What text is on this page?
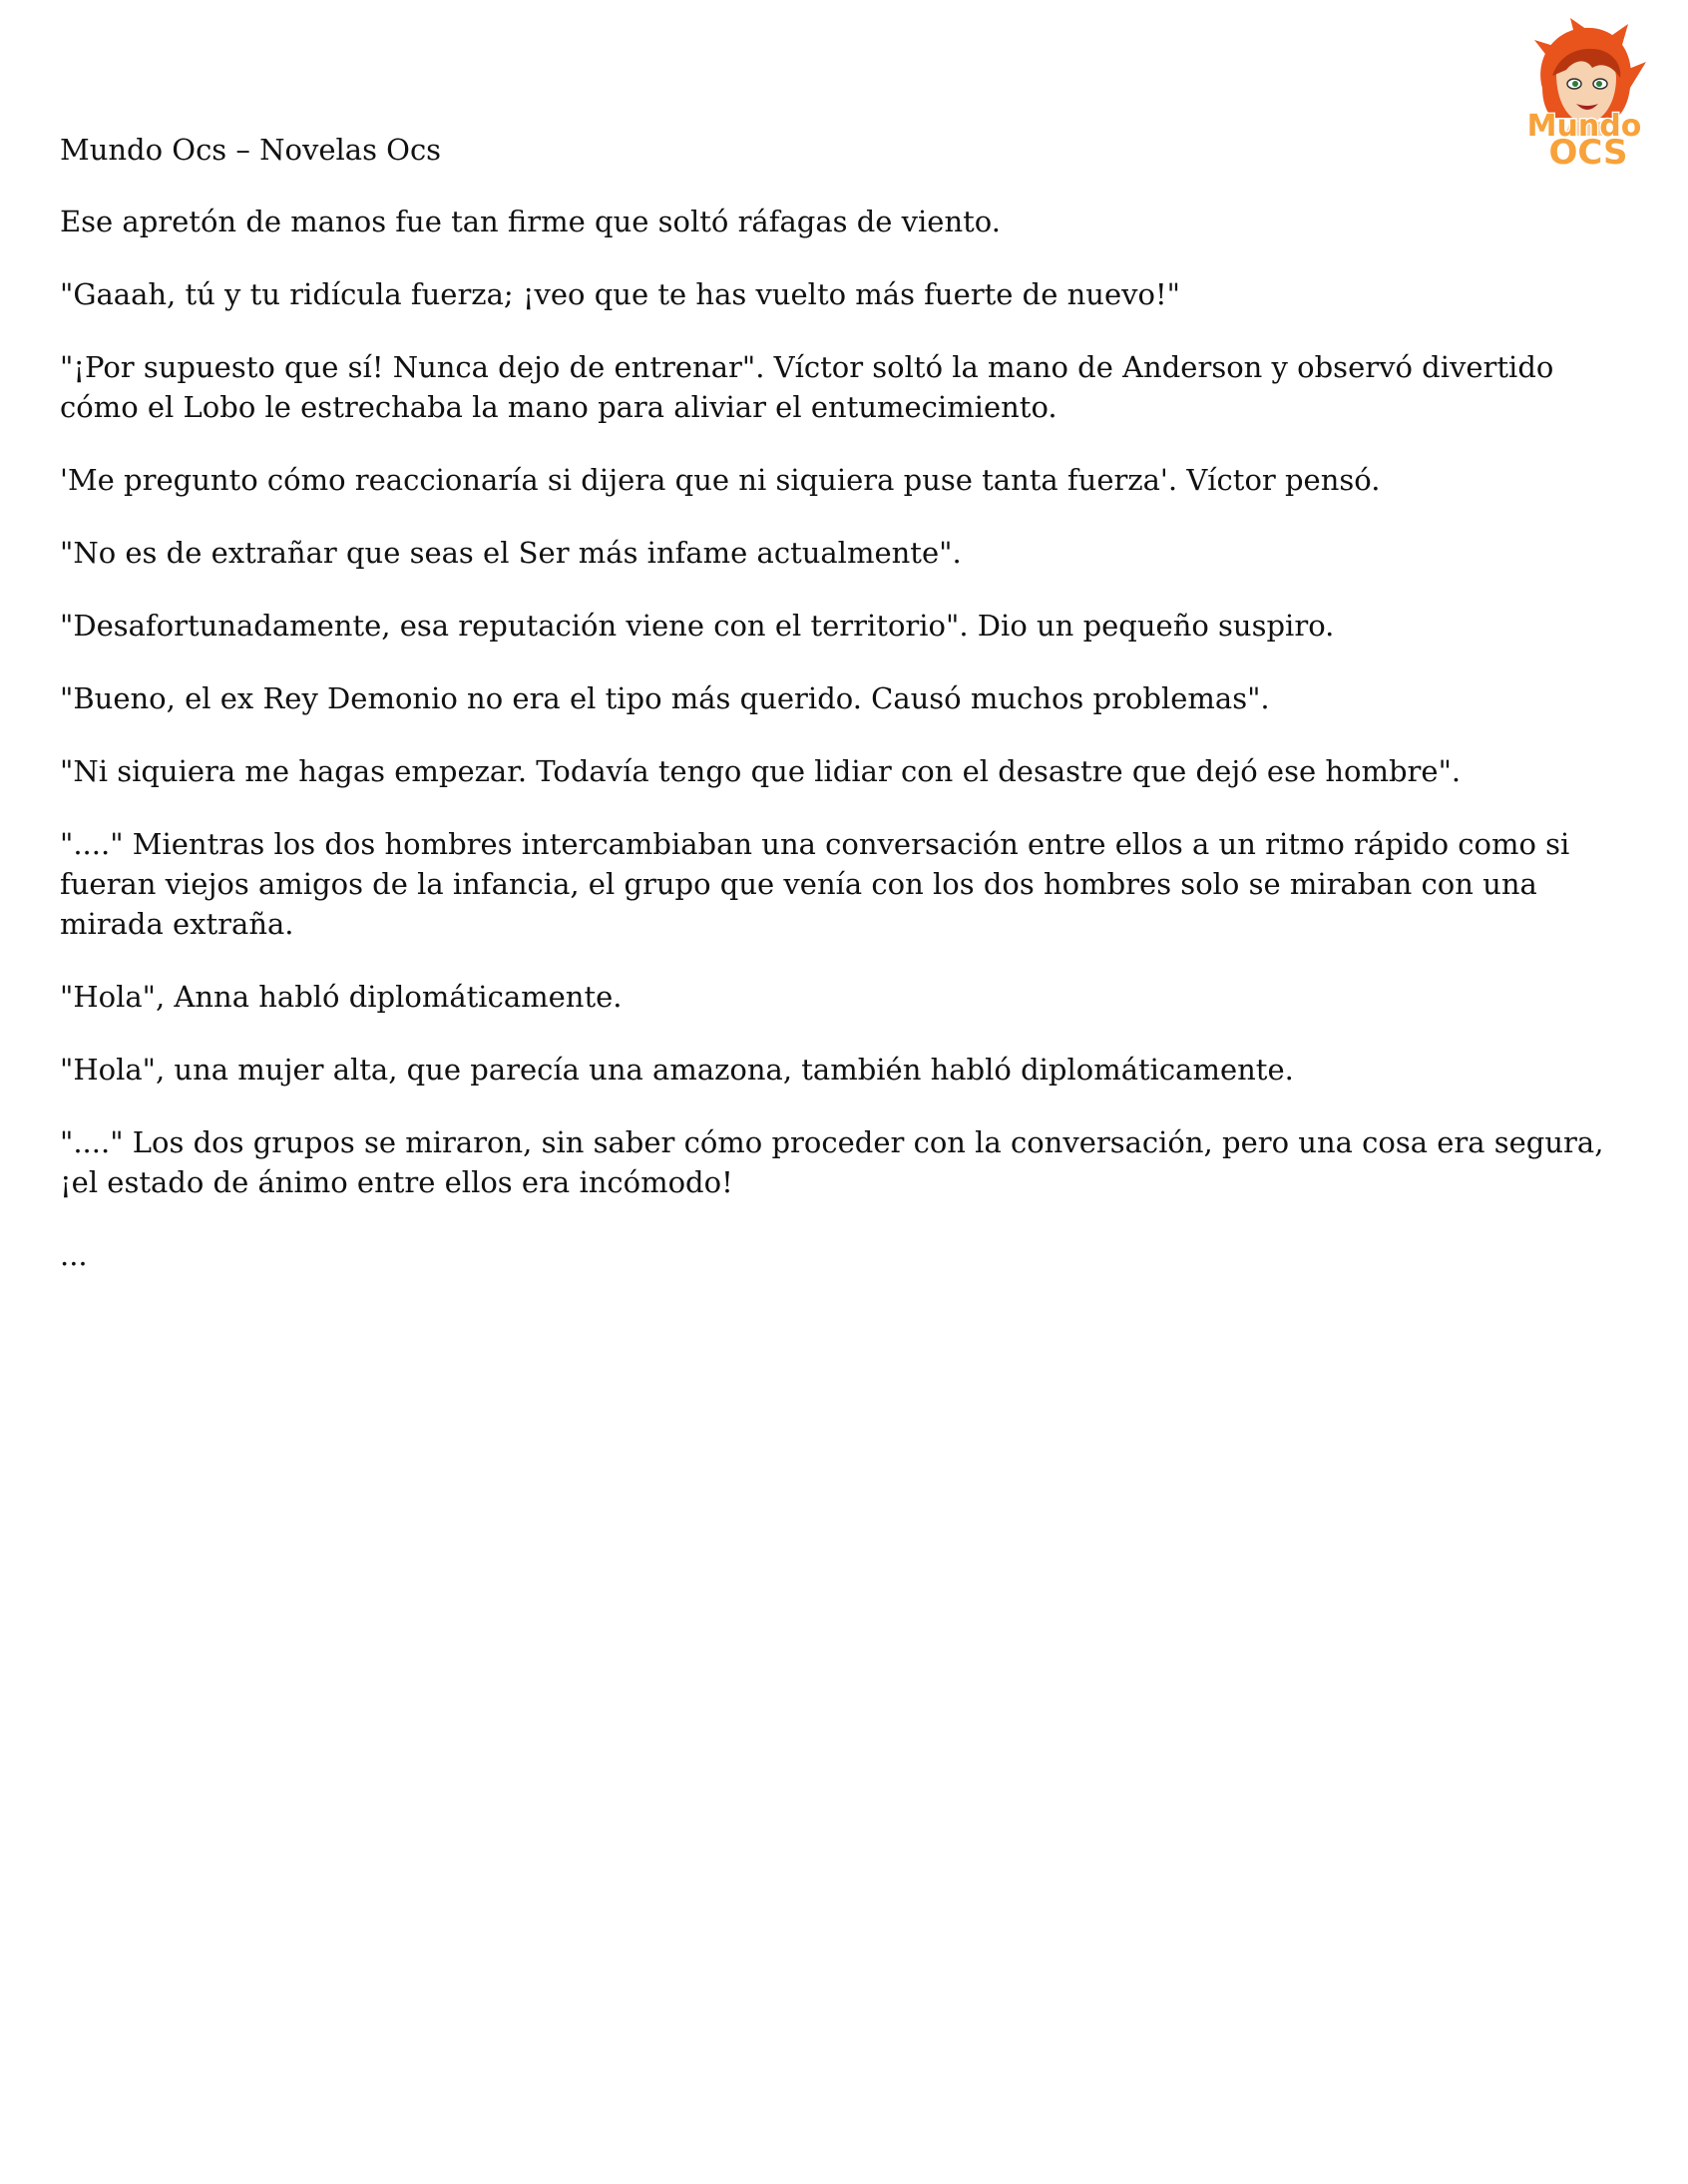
Mundo
OCS

Mundo Ocs – Novelas Ocs

Ese apretón de manos fue tan firme que soltó ráfagas de viento.

"Gaaah, tú y tu ridícula fuerza; ¡veo que te has vuelto más fuerte de nuevo!"

"¡Por supuesto que sí! Nunca dejo de entrenar". Víctor soltó la mano de Anderson y observó divertido cómo el Lobo le estrechaba la mano para aliviar el entumecimiento.

'Me pregunto cómo reaccionaría si dijera que ni siquiera puse tanta fuerza'. Víctor pensó.

"No es de extrañar que seas el Ser más infame actualmente".

"Desafortunadamente, esa reputación viene con el territorio". Dio un pequeño suspiro.

"Bueno, el ex Rey Demonio no era el tipo más querido. Causó muchos problemas".

"Ni siquiera me hagas empezar. Todavía tengo que lidiar con el desastre que dejó ese hombre".

"...." Mientras los dos hombres intercambiaban una conversación entre ellos a un ritmo rápido como si fueran viejos amigos de la infancia, el grupo que venía con los dos hombres solo se miraban con una mirada extraña.

"Hola", Anna habló diplomáticamente.

"Hola", una mujer alta, que parecía una amazona, también habló diplomáticamente.

"...." Los dos grupos se miraron, sin saber cómo proceder con la conversación, pero una cosa era segura, ¡el estado de ánimo entre ellos era incómodo!

...
